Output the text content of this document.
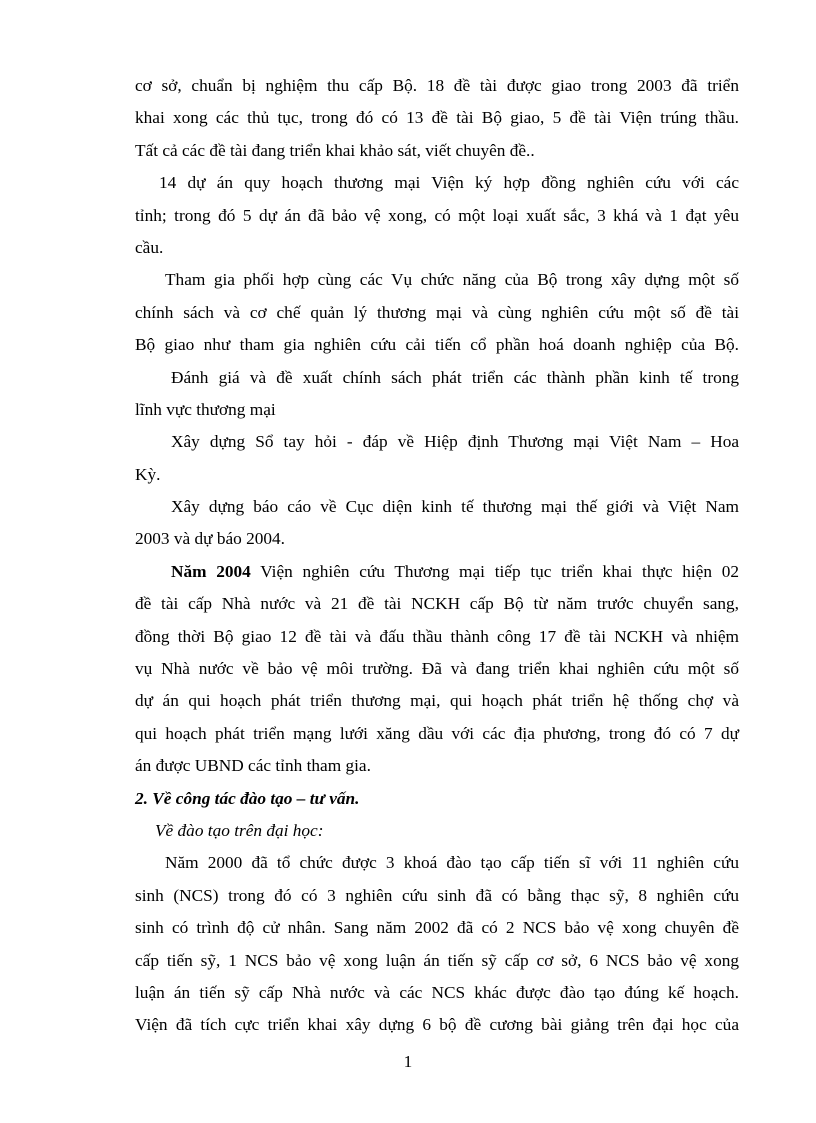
cơ sở, chuẩn bị nghiệm thu cấp Bộ. 18 đề tài được giao trong 2003 đã triển
khai xong các thủ tục, trong đó có 13 đề tài Bộ giao, 5 đề tài Viện trúng thầu.
Tất cả các đề tài đang triển khai khảo sát, viết chuyên đề..
14 dự án quy hoạch thương mại Viện ký hợp đồng nghiên cứu với các
tỉnh; trong đó 5 dự án đã bảo vệ xong, có một loại xuất sắc, 3 khá và 1 đạt yêu
cầu.
Tham gia phối hợp cùng các Vụ chức năng của Bộ trong xây dựng một số
chính sách và cơ chế quản lý thương mại và cùng nghiên cứu một số đề tài
Bộ giao như tham gia nghiên cứu cải tiến cổ phần hoá doanh nghiệp của Bộ.
Đánh giá và đề xuất chính sách phát triển các thành phần kinh tế trong
lĩnh vực thương mại
Xây dựng Sổ tay hỏi - đáp về Hiệp định Thương mại Việt Nam – Hoa
Kỳ.
Xây dựng báo cáo về Cục diện kinh tế thương mại thế giới và Việt Nam
2003 và dự báo 2004.
Năm 2004 Viện nghiên cứu Thương mại tiếp tục triển khai thực hiện 02
đề tài cấp Nhà nước và 21 đề tài NCKH cấp Bộ từ năm trước chuyển sang,
đồng thời Bộ giao 12 đề tài và đấu thầu thành công 17 đề tài NCKH và nhiệm
vụ Nhà nước về bảo vệ môi trường. Đã và đang triển khai nghiên cứu một số
dự án qui hoạch phát triển thương mại, qui hoạch phát triển hệ thống chợ và
qui hoạch phát triển mạng lưới xăng dầu với các địa phương, trong đó có 7 dự
án được UBND các tỉnh tham gia.
2. Về công tác đào tạo – tư vấn.
Về đào tạo trên đại học:
Năm 2000 đã tổ chức được 3 khoá đào tạo cấp tiến sĩ với 11 nghiên cứu
sinh (NCS) trong đó có 3 nghiên cứu sinh đã có bằng thạc sỹ, 8 nghiên cứu
sinh có trình độ cử nhân. Sang năm 2002 đã có 2 NCS bảo vệ xong chuyên đề
cấp tiến sỹ, 1 NCS bảo vệ xong luận án tiến sỹ cấp cơ sở, 6 NCS bảo vệ xong
luận án tiến sỹ cấp Nhà nước và các NCS khác được đào tạo đúng kế hoạch.
Viện đã tích cực triển khai xây dựng 6 bộ đề cương bài giảng trên đại học của
1
